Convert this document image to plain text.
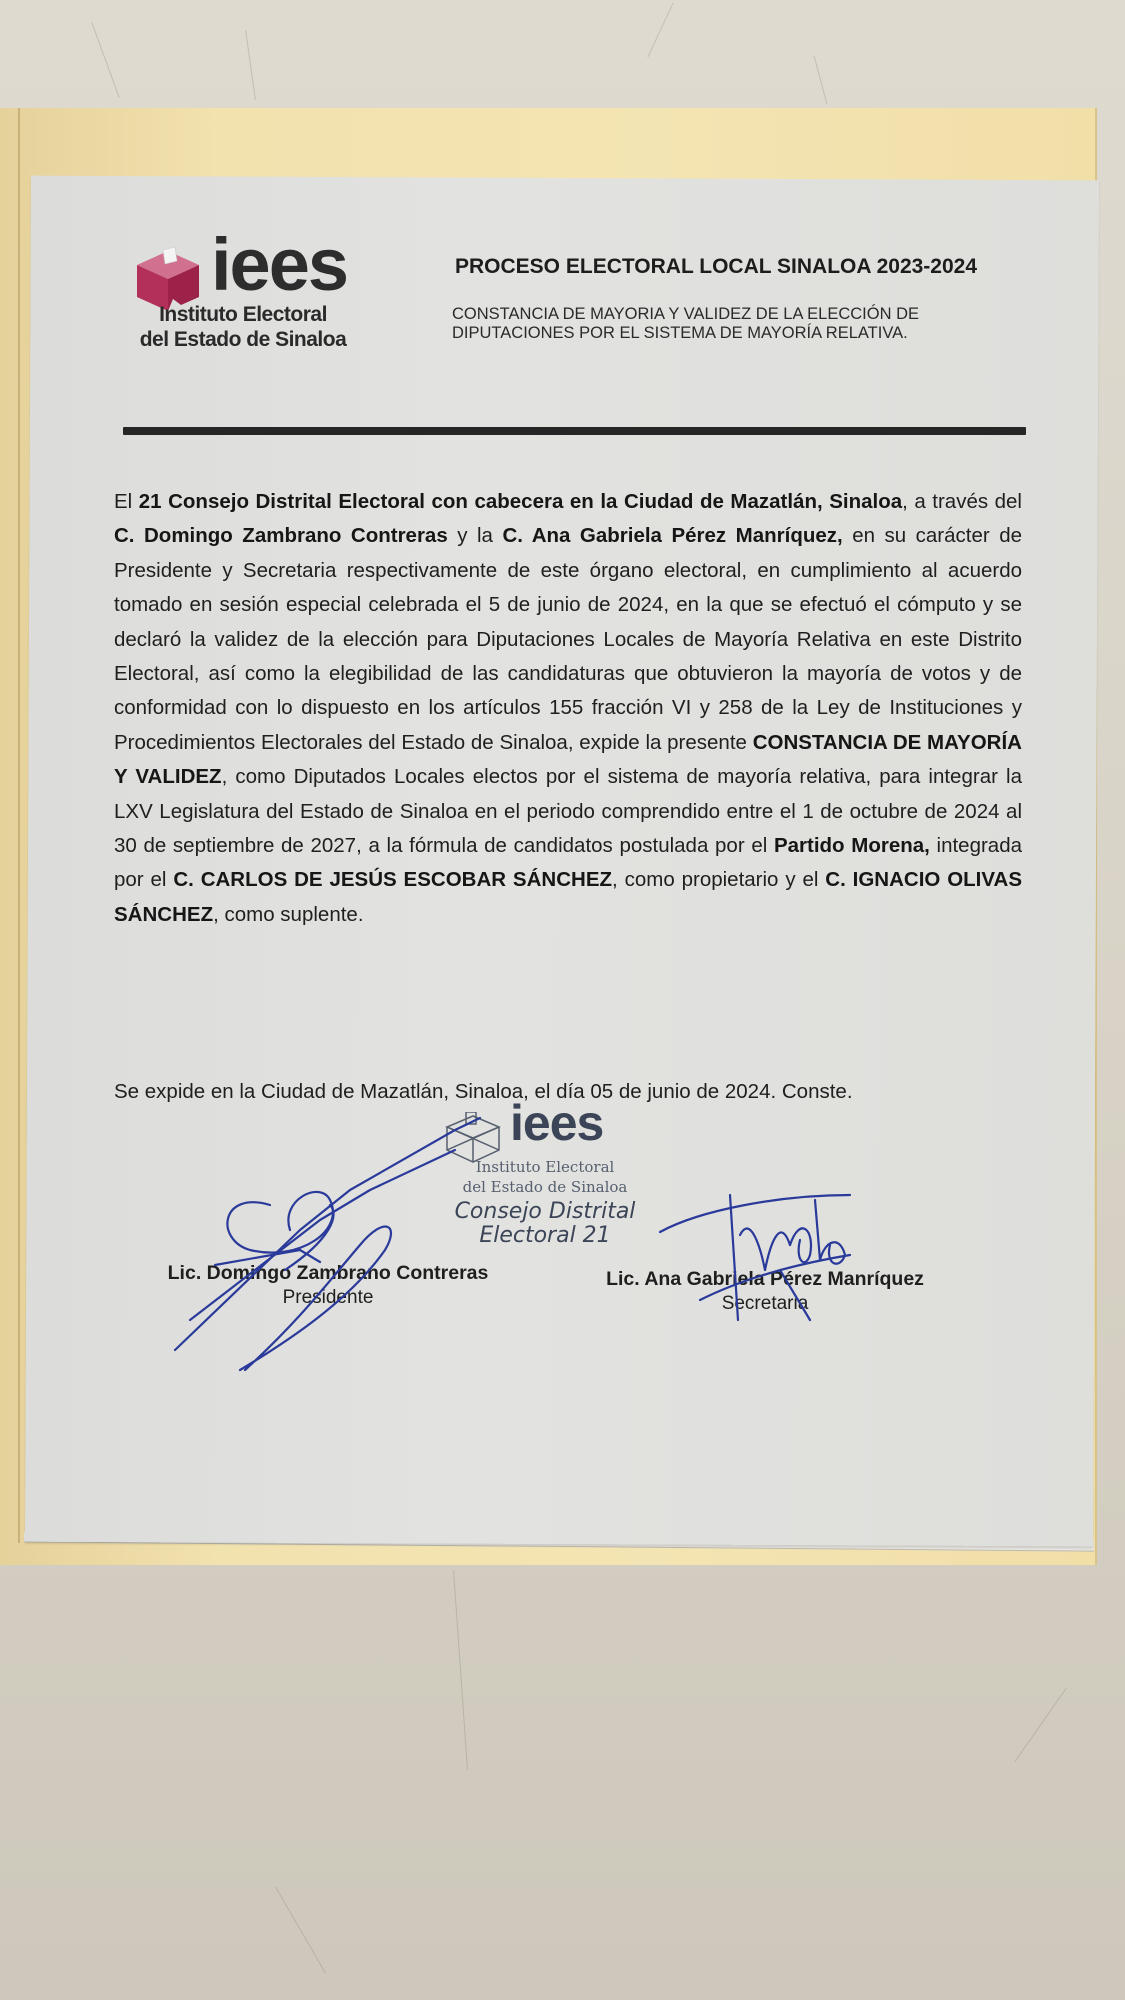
iees
Instituto Electoral
del Estado de Sinaloa
PROCESO ELECTORAL LOCAL SINALOA 2023-2024
CONSTANCIA DE MAYORIA Y VALIDEZ DE LA ELECCIÓN DE
DIPUTACIONES POR EL SISTEMA DE MAYORÍA RELATIVA.
El 21 Consejo Distrital Electoral con cabecera en la Ciudad de Mazatlán, Sinaloa, a través del C. Domingo Zambrano Contreras y la C. Ana Gabriela Pérez Manríquez, en su carácter de Presidente y Secretaria respectivamente de este órgano electoral, en cumplimiento al acuerdo tomado en sesión especial celebrada el 5 de junio de 2024, en la que se efectuó el cómputo y se declaró la validez de la elección para Diputaciones Locales de Mayoría Relativa en este Distrito Electoral, así como la elegibilidad de las candidaturas que obtuvieron la mayoría de votos y de conformidad con lo dispuesto en los artículos 155 fracción VI y 258 de la Ley de Instituciones y Procedimientos Electorales del Estado de Sinaloa, expide la presente CONSTANCIA DE MAYORÍA Y VALIDEZ, como Diputados Locales electos por el sistema de mayoría relativa, para integrar la LXV Legislatura del Estado de Sinaloa en el periodo comprendido entre el 1 de octubre de 2024 al 30 de septiembre de 2027, a la fórmula de candidatos postulada por el Partido Morena, integrada por el C. CARLOS DE JESÚS ESCOBAR SÁNCHEZ, como propietario y el C. IGNACIO OLIVAS SÁNCHEZ, como suplente.
Se expide en la Ciudad de Mazatlán, Sinaloa, el día 05 de junio de 2024. Conste.
iees
Instituto Electoral
del Estado de Sinaloa
Consejo Distrital
Electoral 21
Lic. Domingo Zambrano Contreras
Presidente
Lic. Ana Gabriela Pérez Manríquez
Secretaria
